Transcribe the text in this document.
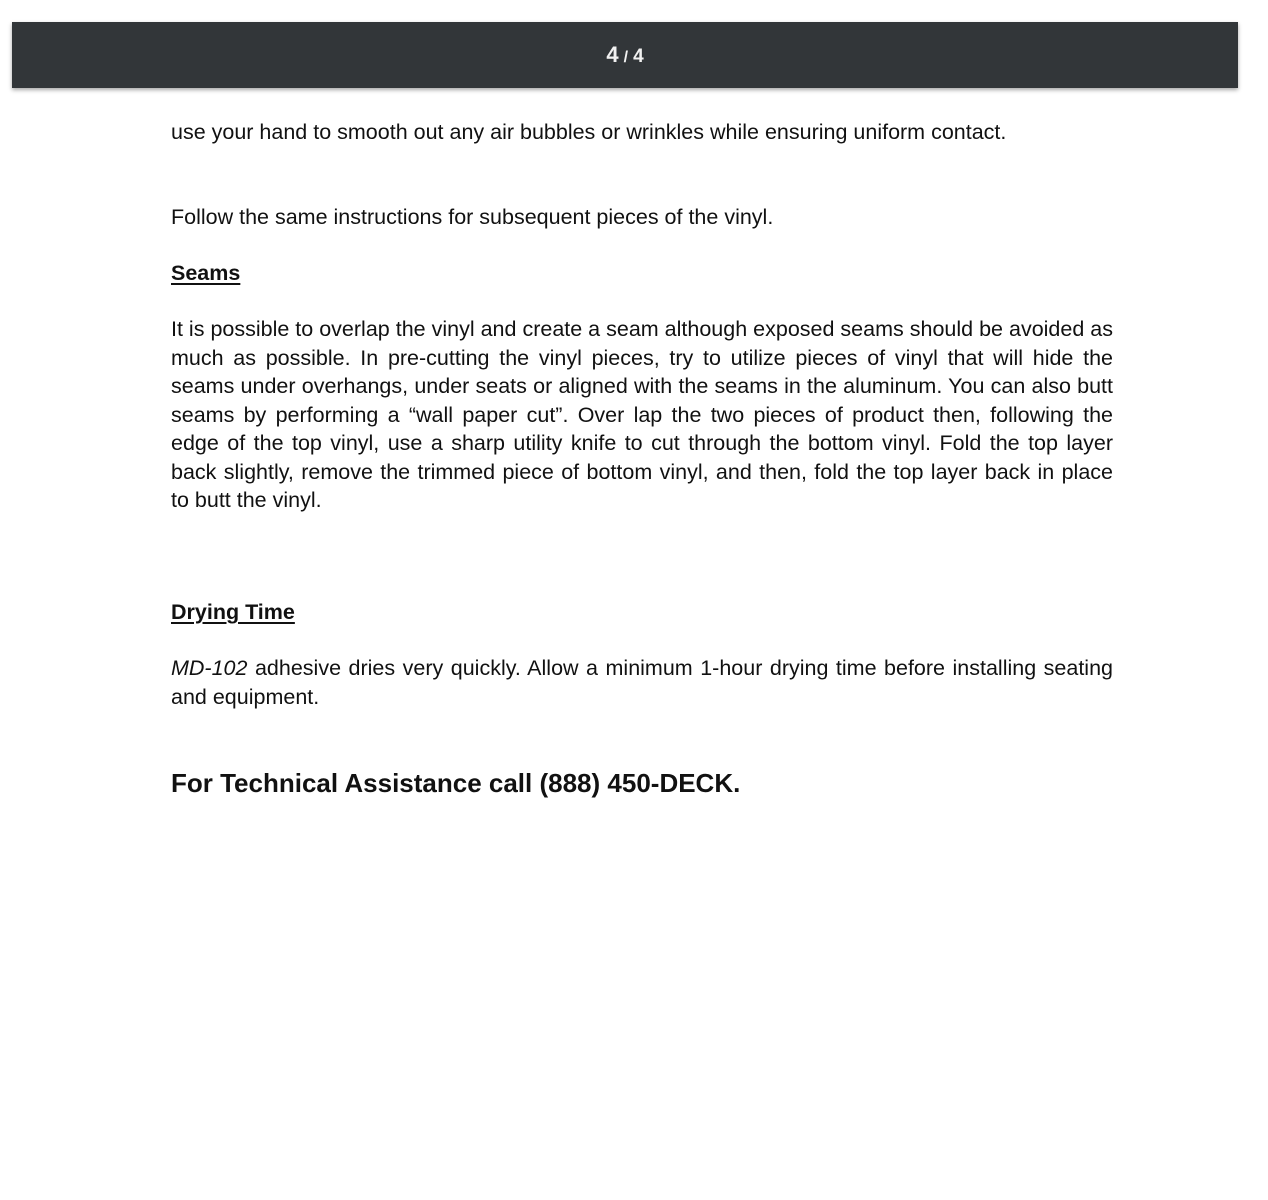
4 / 4

use your hand to smooth out any air bubbles or wrinkles while ensuring uniform contact.

Follow the same instructions for subsequent pieces of the vinyl.

Seams

It is possible to overlap the vinyl and create a seam although exposed seams should be avoided as much as possible. In pre-cutting the vinyl pieces, try to utilize pieces of vinyl that will hide the seams under overhangs, under seats or aligned with the seams in the aluminum. You can also butt seams by performing a “wall paper cut”. Over lap the two pieces of product then, following the edge of the top vinyl, use a sharp utility knife to cut through the bottom vinyl. Fold the top layer back slightly, remove the trimmed piece of bottom vinyl, and then, fold the top layer back in place to butt the vinyl.

Drying Time

MD-102 adhesive dries very quickly. Allow a minimum 1-hour drying time before installing seating and equipment.

For Technical Assistance call (888) 450-DECK.
